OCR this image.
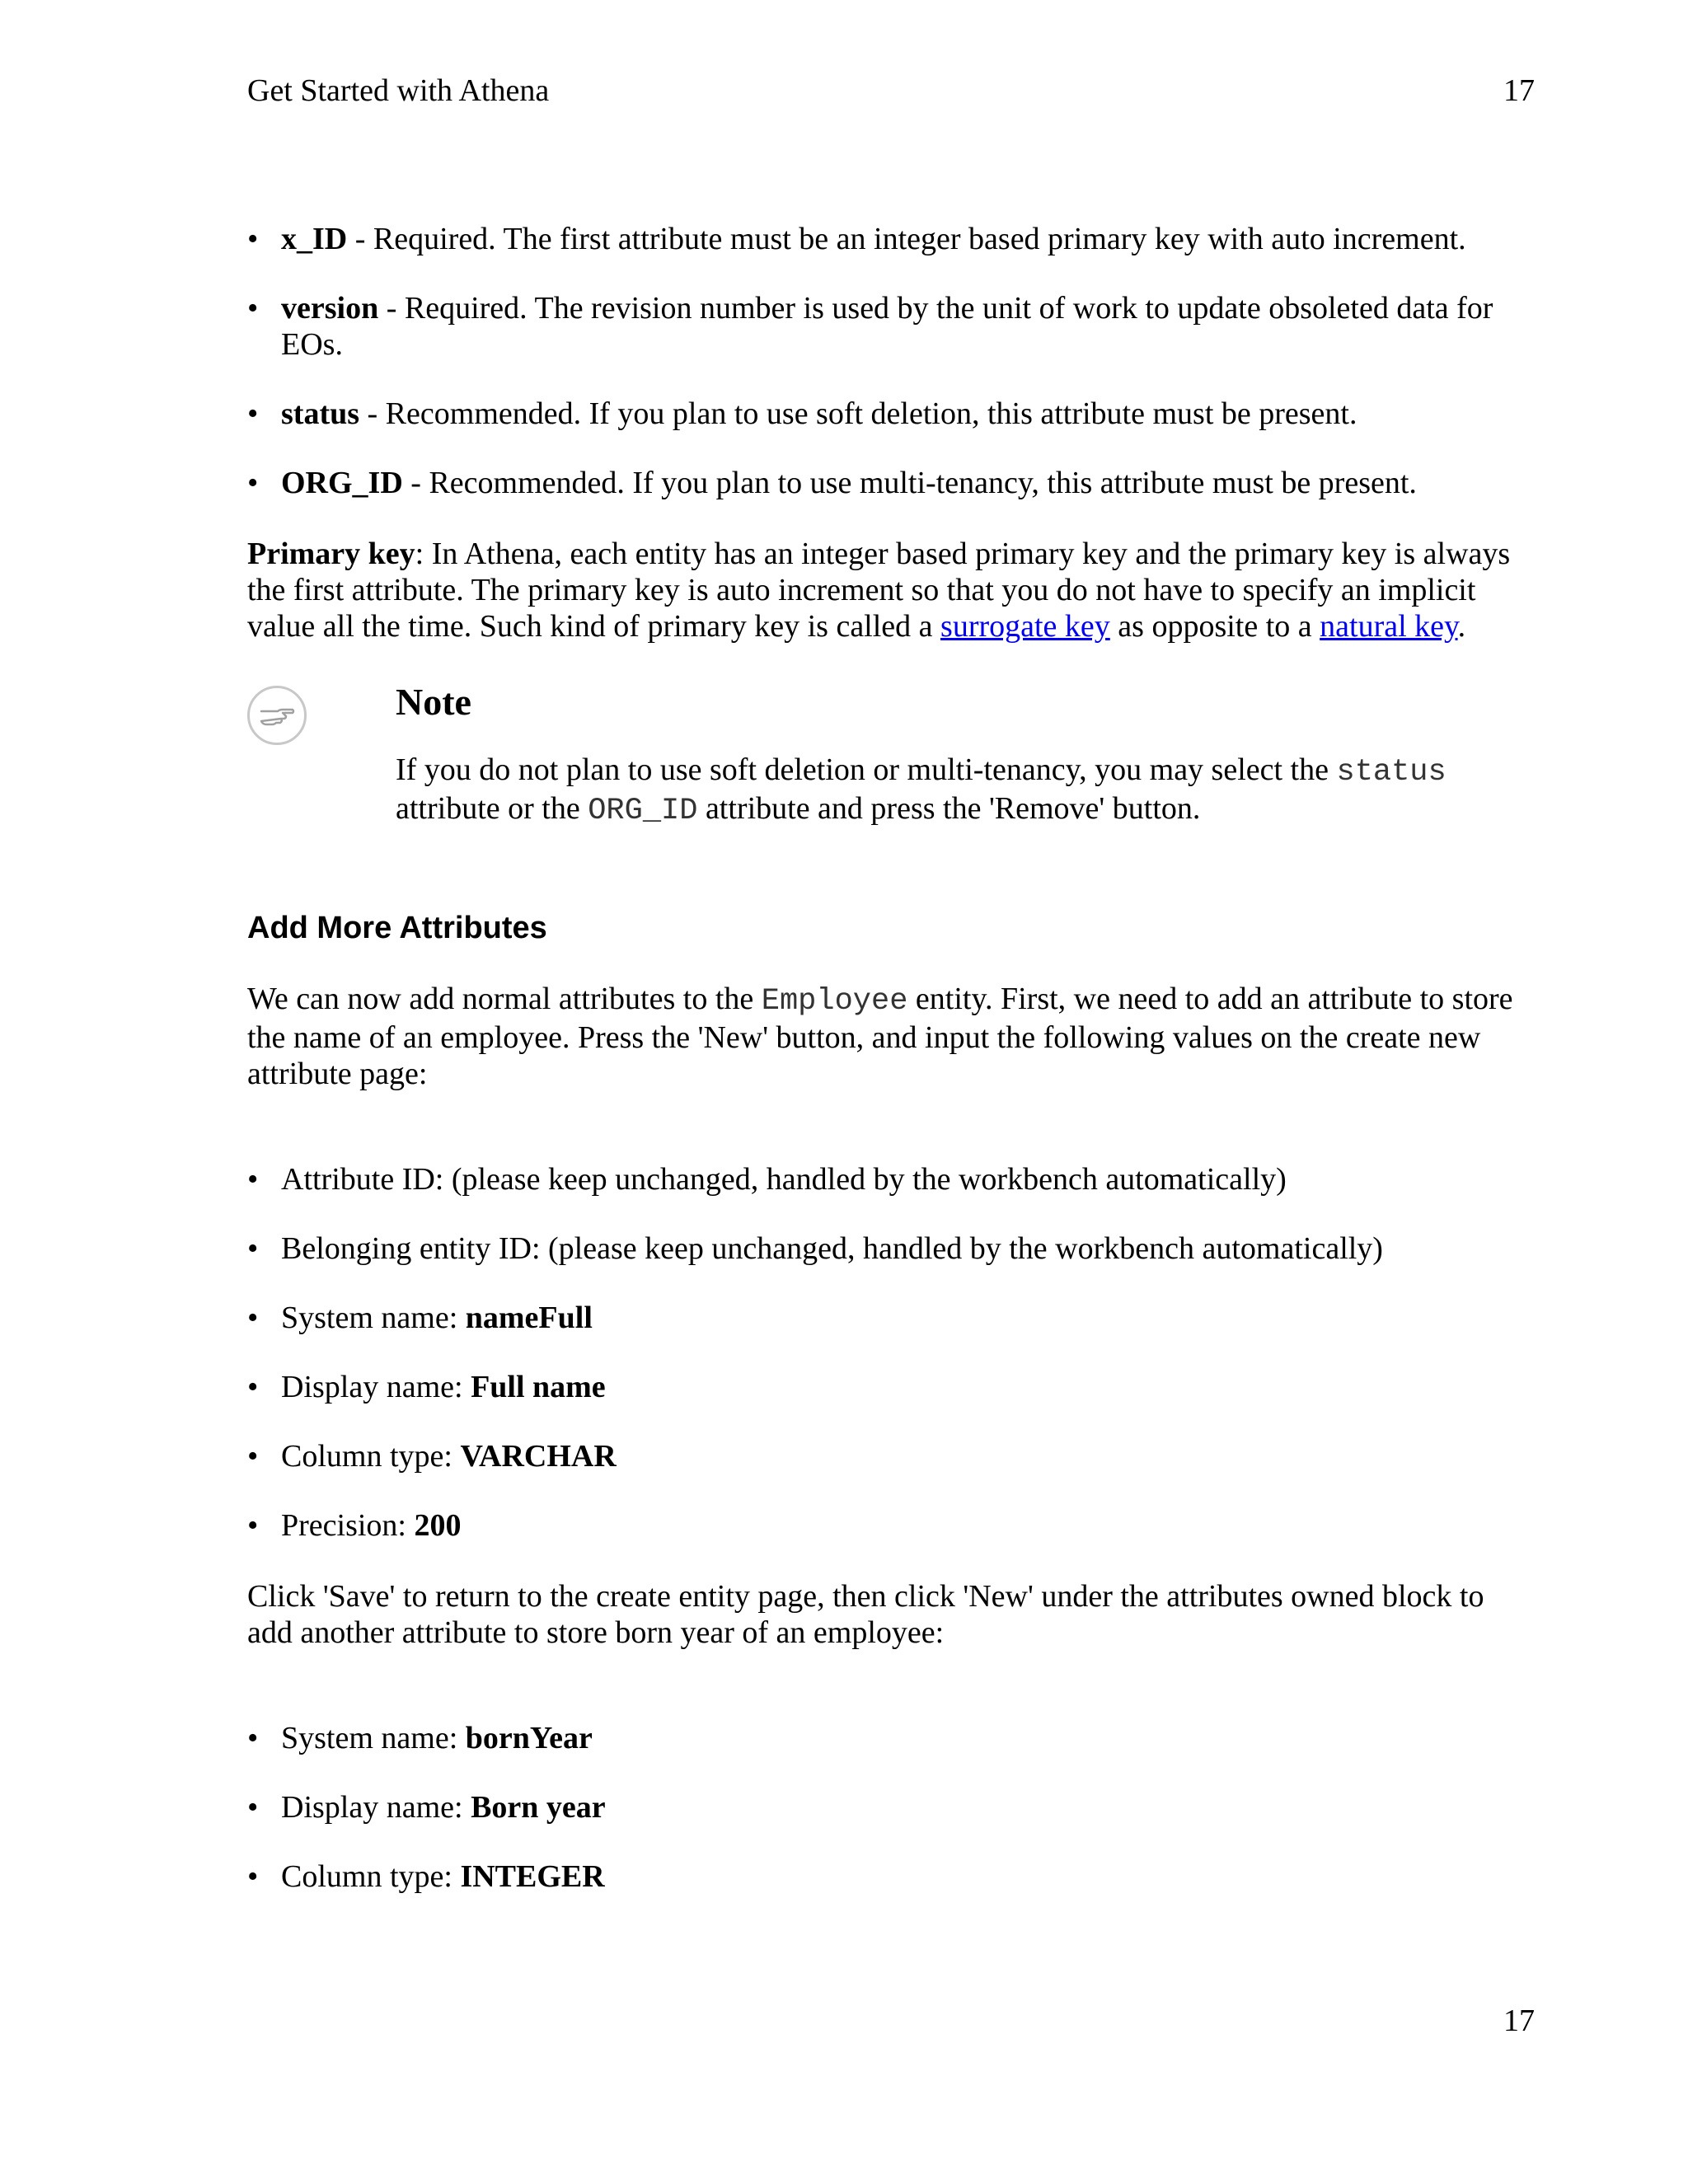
Get Started with Athena	17
• x_ID - Required. The first attribute must be an integer based primary key with auto increment.
• version - Required. The revision number is used by the unit of work to update obsoleted data for EOs.
• status - Recommended. If you plan to use soft deletion, this attribute must be present.
• ORG_ID - Recommended. If you plan to use multi-tenancy, this attribute must be present.

Primary key: In Athena, each entity has an integer based primary key and the primary key is always the first attribute. The primary key is auto increment so that you do not have to specify an implicit value all the time. Such kind of primary key is called a surrogate key as opposite to a natural key.

Note
If you do not plan to use soft deletion or multi-tenancy, you may select the status attribute or the ORG_ID attribute and press the 'Remove' button.
Add More Attributes

We can now add normal attributes to the Employee entity. First, we need to add an attribute to store the name of an employee. Press the 'New' button, and input the following values on the create new attribute page:

• Attribute ID: (please keep unchanged, handled by the workbench automatically)
• Belonging entity ID: (please keep unchanged, handled by the workbench automatically)
• System name: nameFull
• Display name: Full name
• Column type: VARCHAR
• Precision: 200

Click 'Save' to return to the create entity page, then click 'New' under the attributes owned block to add another attribute to store born year of an employee:

• System name: bornYear
• Display name: Born year
• Column type: INTEGER
17
